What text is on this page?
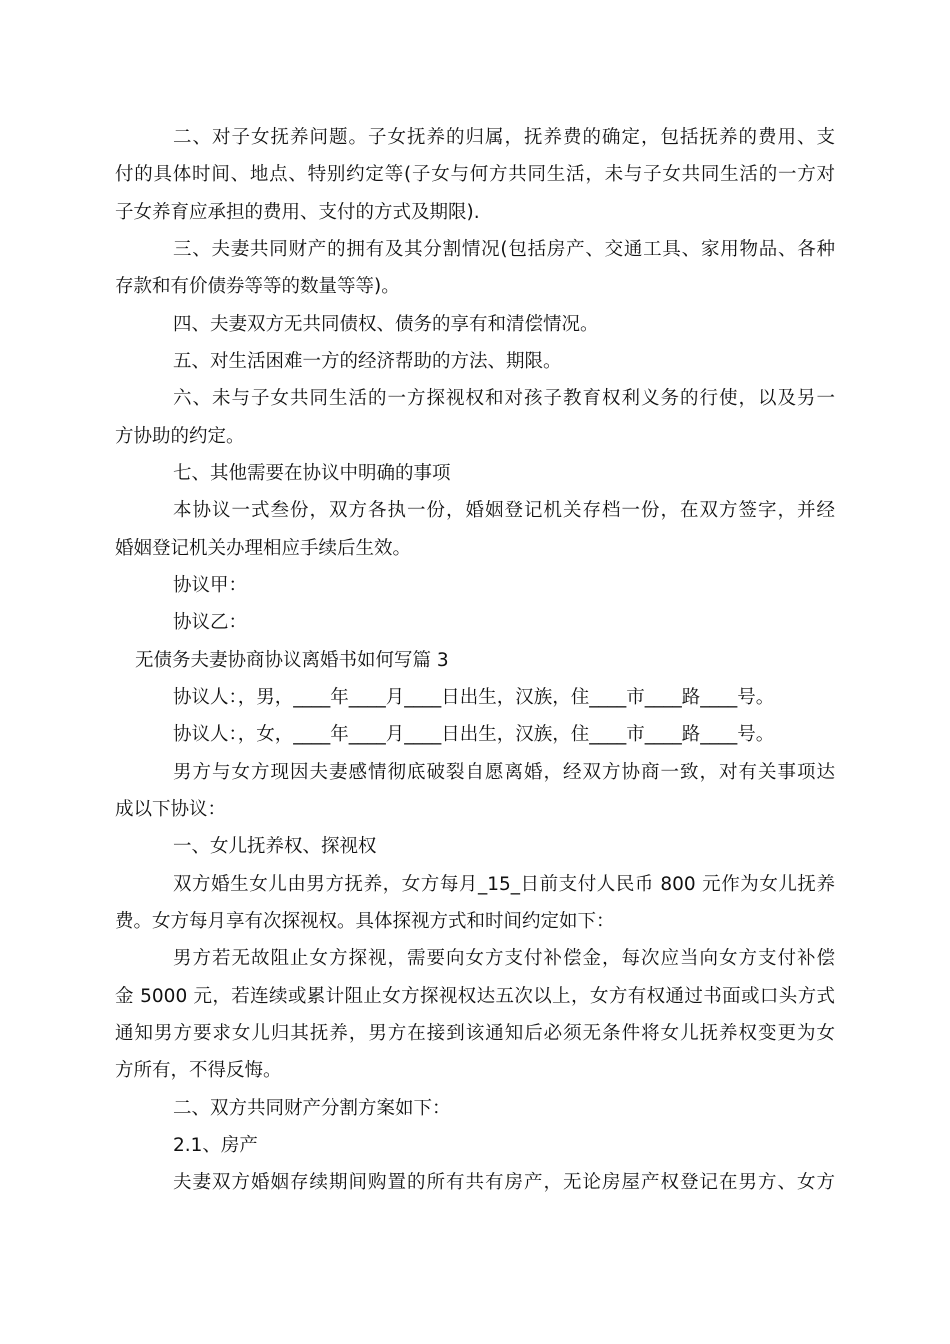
二、对子女抚养问题。子女抚养的归属，抚养费的确定，包括抚养的费用、支
付的具体时间、地点、特别约定等(子女与何方共同生活，未与子女共同生活的一方对
子女养育应承担的费用、支付的方式及期限).
三、夫妻共同财产的拥有及其分割情况(包括房产、交通工具、家用物品、各种
存款和有价债券等等的数量等等)。
四、夫妻双方无共同债权、债务的享有和清偿情况。
五、对生活困难一方的经济帮助的方法、期限。
六、未与子女共同生活的一方探视权和对孩子教育权利义务的行使，以及另一
方协助的约定。
七、其他需要在协议中明确的事项
本协议一式叁份，双方各执一份，婚姻登记机关存档一份，在双方签字，并经
婚姻登记机关办理相应手续后生效。
协议甲：
协议乙：
无债务夫妻协商协议离婚书如何写篇 3
协议人：，男，____年____月____日出生，汉族，住____市____路____号。
协议人：，女，____年____月____日出生，汉族，住____市____路____号。
男方与女方现因夫妻感情彻底破裂自愿离婚，经双方协商一致，对有关事项达
成以下协议：
一、女儿抚养权、探视权
双方婚生女儿由男方抚养，女方每月_15_日前支付人民币 800 元作为女儿抚养
费。女方每月享有次探视权。具体探视方式和时间约定如下：
男方若无故阻止女方探视，需要向女方支付补偿金，每次应当向女方支付补偿
金 5000 元，若连续或累计阻止女方探视权达五次以上，女方有权通过书面或口头方式
通知男方要求女儿归其抚养，男方在接到该通知后必须无条件将女儿抚养权变更为女
方所有，不得反悔。
二、双方共同财产分割方案如下：
2.1、房产
夫妻双方婚姻存续期间购置的所有共有房产，无论房屋产权登记在男方、女方
